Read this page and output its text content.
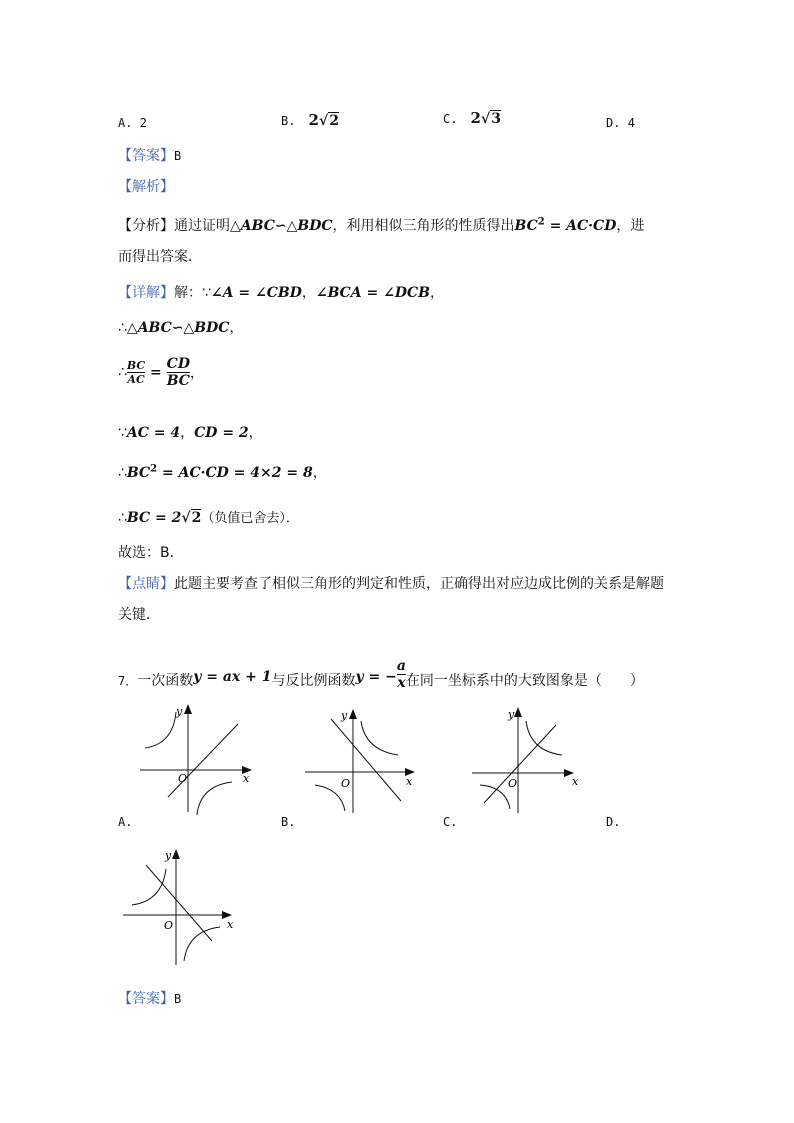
A. 2	B. 2√2	C. 2√3	D. 4
【答案】B
【解析】
【分析】通过证明△ABC∽△BDC，利用相似三角形的性质得出$BC^2 = AC\cdot CD$，进
而得出答案．
【详解】解：∵∠A = ∠CBD，∠BCA = ∠DCB，
∴△ABC∽△BDC，
∴ $\frac{BC}{AC} = \frac{CD}{BC}$ ，
∵AC = 4，CD = 2，
$\therefore BC^2 = AC\cdot CD = 4\times 2 = 8$，
∴BC = 2√2（负值已舍去）．
故选：B．
【点睛】此题主要考查了相似三角形的判定和性质，正确得出对应边成比例的关系是解题
关键．
7．一次函数y = ax + 1与反比例函数y = − $\frac{a}{x}$ 在同一坐标系中的大致图象是（　　）
O	x
y
A.
O	x
y
B.
O	x
y
C.	D.
O	x
y
【答案】B
